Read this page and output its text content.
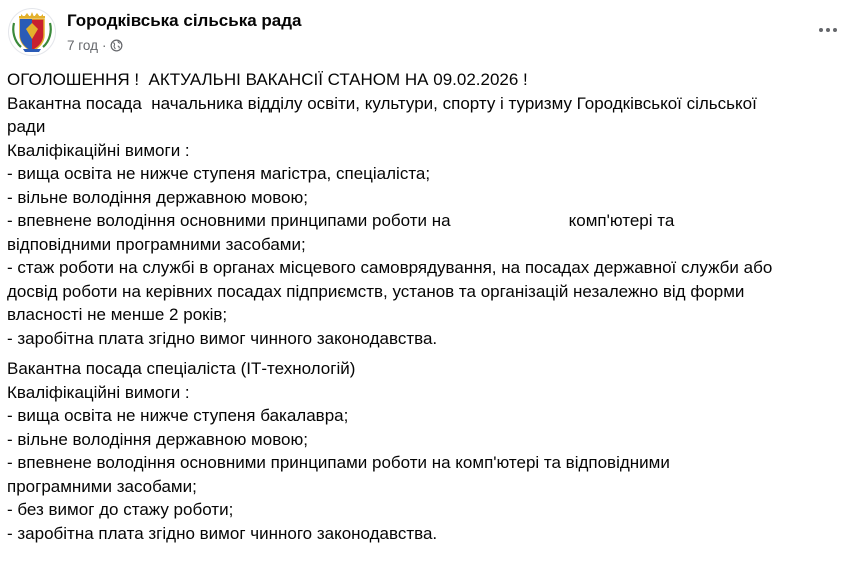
Городківська сільська рада
7 год ·
ОГОЛОШЕННЯ !  АКТУАЛЬНІ ВАКАНСІЇ СТАНОМ НА 09.02.2026 !
Вакантна посада  начальника відділу освіти, культури, спорту і туризму Городківської сільської
ради
Кваліфікаційні вимоги :
- вища освіта не нижче ступеня магістра, спеціаліста;
- вільне володіння державною мовою;
- впевнене володіння основними принципами роботи на                         комп'ютері та
відповідними програмними засобами;
- стаж роботи на службі в органах місцевого самоврядування, на посадах державної служби або
досвід роботи на керівних посадах підприємств, установ та організацій незалежно від форми
власності не менше 2 років;
- заробітна плата згідно вимог чинного законодавства.
Вакантна посада спеціаліста (ІТ-технологій)
Кваліфікаційні вимоги :
- вища освіта не нижче ступеня бакалавра;
- вільне володіння державною мовою;
- впевнене володіння основними принципами роботи на комп'ютері та відповідними
програмними засобами;
- без вимог до стажу роботи;
- заробітна плата згідно вимог чинного законодавства.
